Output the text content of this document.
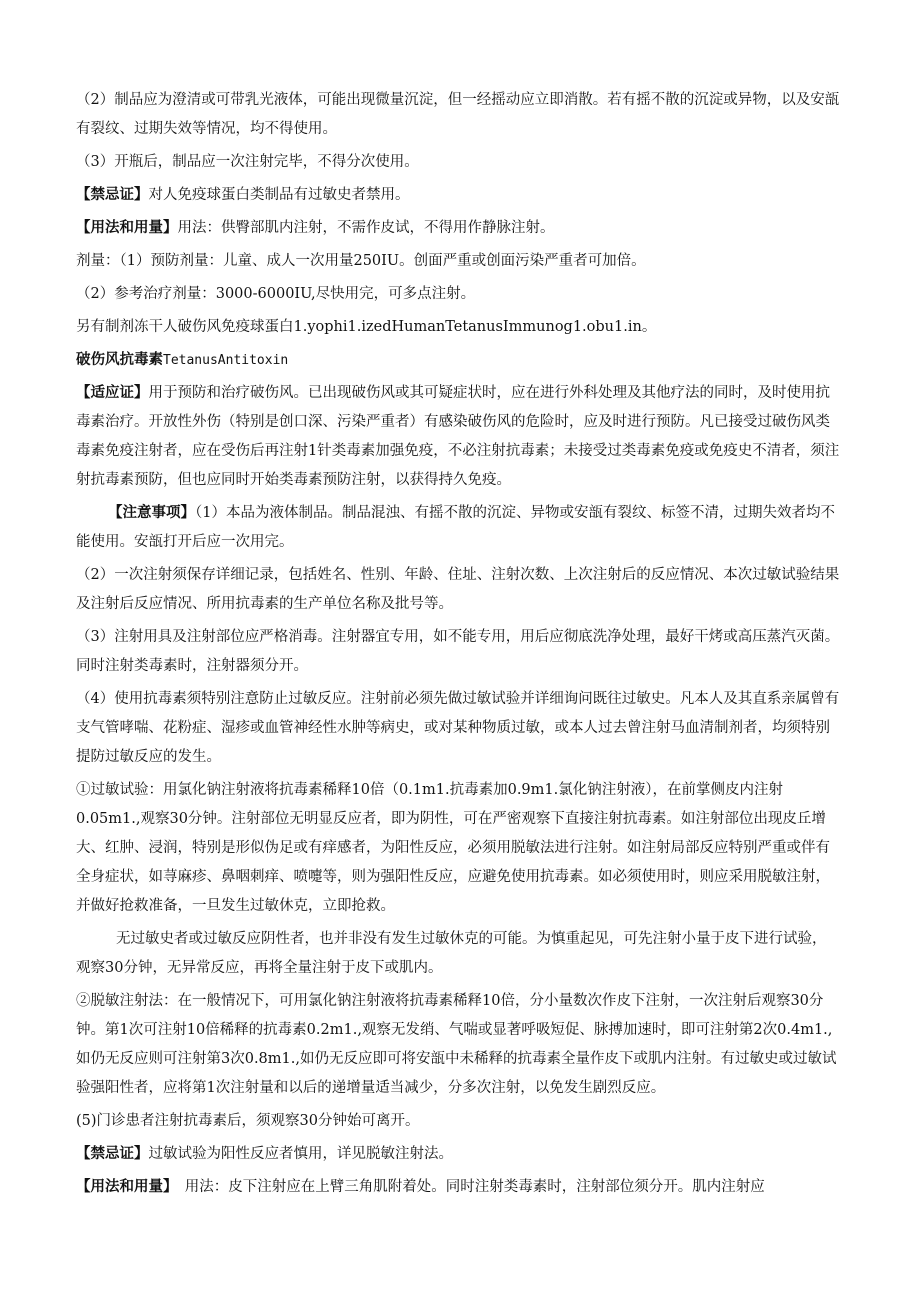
（2）制品应为澄清或可带乳光液体，可能出现微量沉淀，但一经摇动应立即消散。若有摇不散的沉淀或异物，以及安瓿有裂纹、过期失效等情况，均不得使用。

（3）开瓶后，制品应一次注射完毕，不得分次使用。

【禁忌证】对人免疫球蛋白类制品有过敏史者禁用。

【用法和用量】用法：供臀部肌内注射，不需作皮试，不得用作静脉注射。

剂量：（1）预防剂量：儿童、成人一次用量250IU。创面严重或创面污染严重者可加倍。

（2）参考治疗剂量：3000-6000IU,尽快用完，可多点注射。

另有制剂冻干人破伤风免疫球蛋白1.yophi1.izedHumanTetanusImmunog1.obu1.in。

破伤风抗毒素TetanusAntitoxin

【适应证】用于预防和治疗破伤风。已出现破伤风或其可疑症状时，应在进行外科处理及其他疗法的同时，及时使用抗毒素治疗。开放性外伤（特别是创口深、污染严重者）有感染破伤风的危险时，应及时进行预防。凡已接受过破伤风类毒素免疫注射者，应在受伤后再注射1针类毒素加强免疫，不必注射抗毒素；未接受过类毒素免疫或免疫史不清者，须注射抗毒素预防，但也应同时开始类毒素预防注射，以获得持久免疫。

【注意事项】（1）本品为液体制品。制品混浊、有摇不散的沉淀、异物或安瓿有裂纹、标签不清，过期失效者均不能使用。安瓿打开后应一次用完。

（2）一次注射须保存详细记录，包括姓名、性别、年龄、住址、注射次数、上次注射后的反应情况、本次过敏试验结果及注射后反应情况、所用抗毒素的生产单位名称及批号等。

（3）注射用具及注射部位应严格消毒。注射器宜专用，如不能专用，用后应彻底洗净处理，最好干烤或高压蒸汽灭菌。同时注射类毒素时，注射器须分开。

（4）使用抗毒素须特别注意防止过敏反应。注射前必须先做过敏试验并详细询问既往过敏史。凡本人及其直系亲属曾有支气管哮喘、花粉症、湿疹或血管神经性水肿等病史，或对某种物质过敏，或本人过去曾注射马血清制剂者，均须特别提防过敏反应的发生。

①过敏试验：用氯化钠注射液将抗毒素稀释10倍（0.1m1.抗毒素加0.9m1.氯化钠注射液），在前掌侧皮内注射0.05m1.,观察30分钟。注射部位无明显反应者，即为阴性，可在严密观察下直接注射抗毒素。如注射部位出现皮丘增大、红肿、浸润，特别是形似伪足或有痒感者，为阳性反应，必须用脱敏法进行注射。如注射局部反应特别严重或伴有全身症状，如荨麻疹、鼻咽刺痒、喷嚏等，则为强阳性反应，应避免使用抗毒素。如必须使用时，则应采用脱敏注射，并做好抢救准备，一旦发生过敏休克，立即抢救。

无过敏史者或过敏反应阴性者，也并非没有发生过敏休克的可能。为慎重起见，可先注射小量于皮下进行试验，观察30分钟，无异常反应，再将全量注射于皮下或肌内。

②脱敏注射法：在一般情况下，可用氯化钠注射液将抗毒素稀释10倍，分小量数次作皮下注射，一次注射后观察30分钟。第1次可注射10倍稀释的抗毒素0.2m1.,观察无发绡、气喘或显著呼吸短促、脉搏加速时，即可注射第2次0.4m1.,如仍无反应则可注射第3次0.8m1.,如仍无反应即可将安瓿中未稀释的抗毒素全量作皮下或肌内注射。有过敏史或过敏试验强阳性者，应将第1次注射量和以后的递增量适当减少，分多次注射，以免发生剧烈反应。

(5)门诊患者注射抗毒素后，须观察30分钟始可离开。

【禁忌证】过敏试验为阳性反应者慎用，详见脱敏注射法。

【用法和用量】　用法：皮下注射应在上臂三角肌附着处。同时注射类毒素时，注射部位须分开。肌内注射应
